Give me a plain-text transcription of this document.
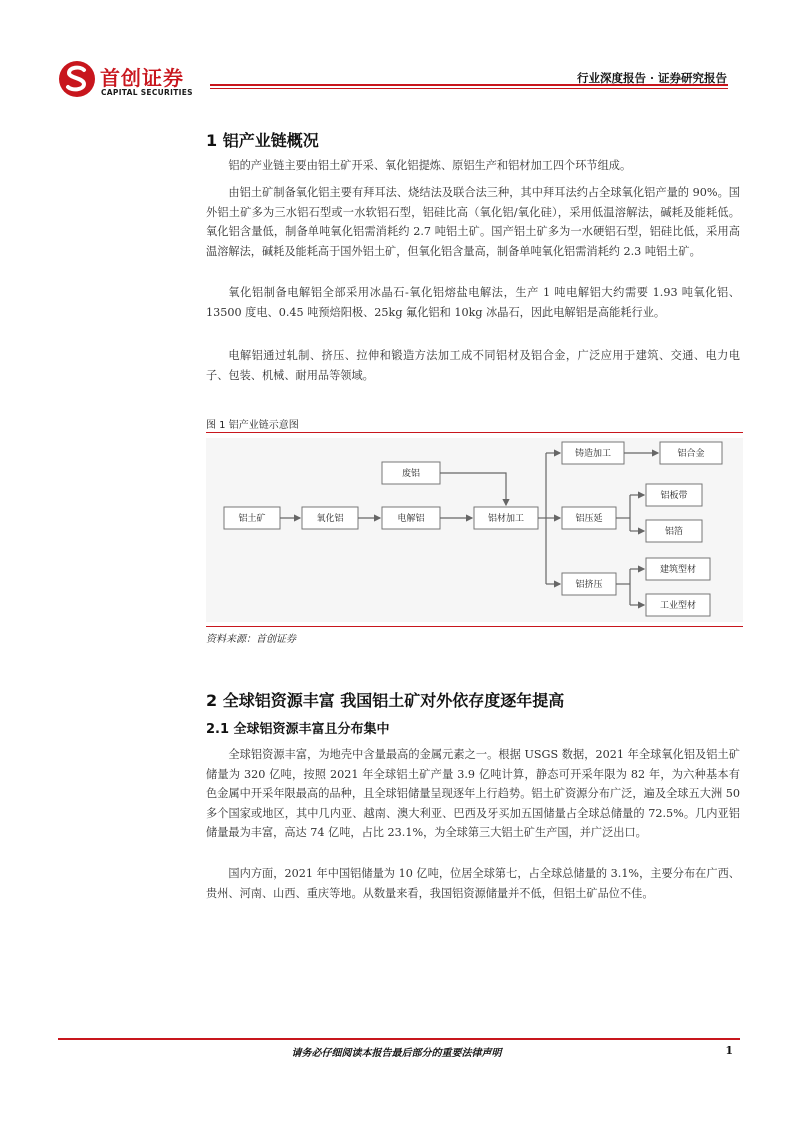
首创证券
CAPITAL SECURITIES
行业深度报告 · 证券研究报告
1 铝产业链概况

铝的产业链主要由铝土矿开采、氧化铝提炼、原铝生产和铝材加工四个环节组成。

由铝土矿制备氧化铝主要有拜耳法、烧结法及联合法三种，其中拜耳法约占全球氧化铝产量的 90%。国外铝土矿多为三水铝石型或一水软铝石型，铝硅比高（氧化铝/氧化硅），采用低温溶解法，碱耗及能耗低。氧化铝含量低，制备单吨氧化铝需消耗约 2.7 吨铝土矿。国产铝土矿多为一水硬铝石型，铝硅比低，采用高温溶解法，碱耗及能耗高于国外铝土矿，但氧化铝含量高，制备单吨氧化铝需消耗约 2.3 吨铝土矿。

氧化铝制备电解铝全部采用冰晶石-氧化铝熔盐电解法，生产 1 吨电解铝大约需要 1.93 吨氧化铝、13500 度电、0.45 吨预焙阳极、25kg 氟化铝和 10kg 冰晶石，因此电解铝是高能耗行业。

电解铝通过轧制、挤压、拉伸和锻造方法加工成不同铝材及铝合金，广泛应用于建筑、交通、电力电子、包装、机械、耐用品等领域。

图 1 铝产业链示意图
铝土矿	氧化铝	电解铝
废铝
铝材加工
铸造加工	铝合金
铝压延
铝板带
铝箔
铝挤压
建筑型材
工业型材
资料来源：首创证券
2 全球铝资源丰富 我国铝土矿对外依存度逐年提高
2.1 全球铝资源丰富且分布集中

全球铝资源丰富，为地壳中含量最高的金属元素之一。根据 USGS 数据，2021 年全球氧化铝及铝土矿储量为 320 亿吨，按照 2021 年全球铝土矿产量 3.9 亿吨计算，静态可开采年限为 82 年，为六种基本有色金属中开采年限最高的品种，且全球铝储量呈现逐年上行趋势。铝土矿资源分布广泛，遍及全球五大洲 50 多个国家或地区，其中几内亚、越南、澳大利亚、巴西及牙买加五国储量占全球总储量的 72.5%。几内亚铝储量最为丰富，高达 74 亿吨，占比 23.1%，为全球第三大铝土矿生产国，并广泛出口。

国内方面，2021 年中国铝储量为 10 亿吨，位居全球第七，占全球总储量的 3.1%，主要分布在广西、贵州、河南、山西、重庆等地。从数量来看，我国铝资源储量并不低，但铝土矿品位不佳。

请务必仔细阅读本报告最后部分的重要法律声明	1
